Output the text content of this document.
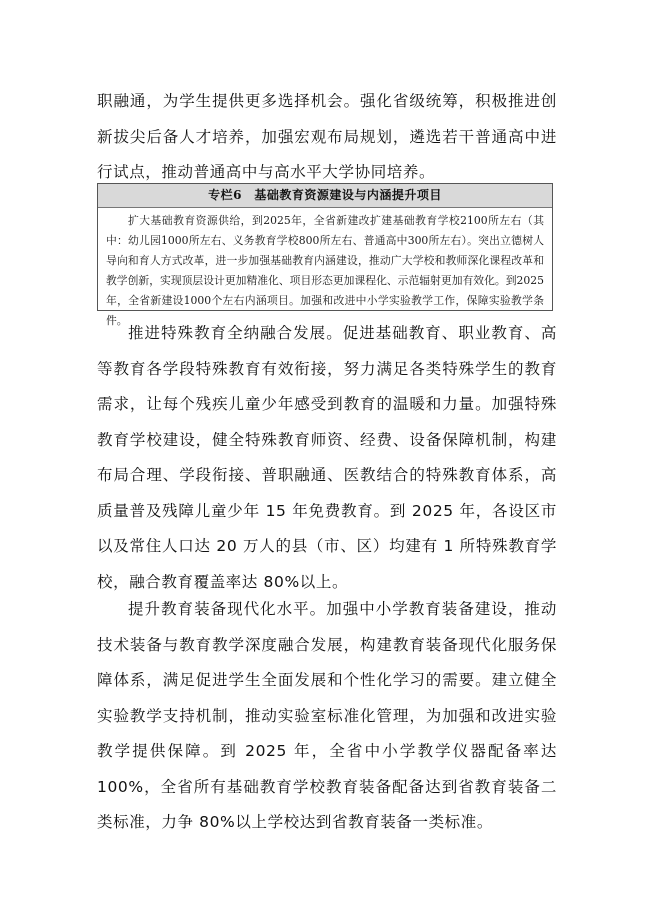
职融通，为学生提供更多选择机会。强化省级统筹，积极推进创新拔尖后备人才培养，加强宏观布局规划，遴选若干普通高中进行试点，推动普通高中与高水平大学协同培养。

专栏6　基础教育资源建设与内涵提升项目
扩大基础教育资源供给，到2025年，全省新建改扩建基础教育学校2100所左右（其中：幼儿园1000所左右、义务教育学校800所左右、普通高中300所左右）。突出立德树人导向和育人方式改革，进一步加强基础教育内涵建设，推动广大学校和教师深化课程改革和教学创新，实现顶层设计更加精准化、项目形态更加课程化、示范辐射更加有效化。到2025年，全省新建设1000个左右内涵项目。加强和改进中小学实验教学工作，保障实验教学条件。

推进特殊教育全纳融合发展。促进基础教育、职业教育、高等教育各学段特殊教育有效衔接，努力满足各类特殊学生的教育需求，让每个残疾儿童少年感受到教育的温暖和力量。加强特殊教育学校建设，健全特殊教育师资、经费、设备保障机制，构建布局合理、学段衔接、普职融通、医教结合的特殊教育体系，高质量普及残障儿童少年 15 年免费教育。到 2025 年，各设区市以及常住人口达 20 万人的县（市、区）均建有 1 所特殊教育学校，融合教育覆盖率达 80%以上。

提升教育装备现代化水平。加强中小学教育装备建设，推动技术装备与教育教学深度融合发展，构建教育装备现代化服务保障体系，满足促进学生全面发展和个性化学习的需要。建立健全实验教学支持机制，推动实验室标准化管理，为加强和改进实验教学提供保障。到 2025 年，全省中小学教学仪器配备率达 100%，全省所有基础教育学校教育装备配备达到省教育装备二类标准，力争 80%以上学校达到省教育装备一类标准。
